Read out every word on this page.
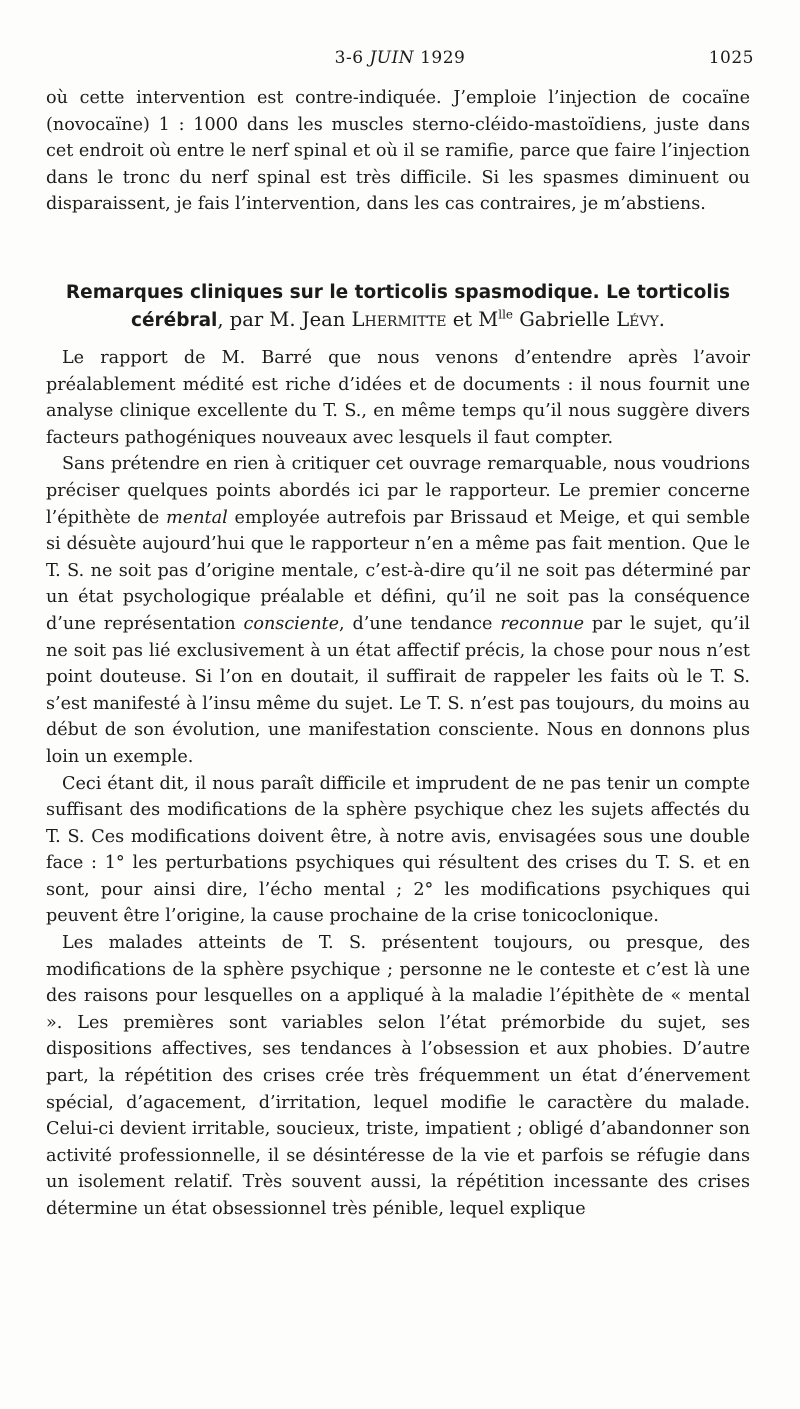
3-6 JUIN 1929	1025

où cette intervention est contre-indiquée. J’emploie l’injection de cocaïne (novocaïne) 1 : 1000 dans les muscles sterno-cléido-mastoïdiens, juste dans cet endroit où entre le nerf spinal et où il se ramifie, parce que faire l’injection dans le tronc du nerf spinal est très difficile. Si les spasmes diminuent ou disparaissent, je fais l’intervention, dans les cas contraires, je m’abstiens.

Remarques cliniques sur le torticolis spasmodique. Le torticolis
cérébral, par M. Jean Lhermitte et $M^{lle}$ Gabrielle Lévy.

Le rapport de M. Barré que nous venons d’entendre après l’avoir préalablement médité est riche d’idées et de documents : il nous fournit une analyse clinique excellente du T. S., en même temps qu’il nous suggère divers facteurs pathogéniques nouveaux avec lesquels il faut compter.

Sans prétendre en rien à critiquer cet ouvrage remarquable, nous voudrions préciser quelques points abordés ici par le rapporteur. Le premier concerne l’épithète de mental employée autrefois par Brissaud et Meige, et qui semble si désuète aujourd’hui que le rapporteur n’en a même pas fait mention. Que le T. S. ne soit pas d’origine mentale, c’est-à-dire qu’il ne soit pas déterminé par un état psychologique préalable et défini, qu’il ne soit pas la conséquence d’une représentation consciente, d’une tendance reconnue par le sujet, qu’il ne soit pas lié exclusivement à un état affectif précis, la chose pour nous n’est point douteuse. Si l’on en doutait, il suffirait de rappeler les faits où le T. S. s’est manifesté à l’insu même du sujet. Le T. S. n’est pas toujours, du moins au début de son évolution, une manifestation consciente. Nous en donnons plus loin un exemple.

Ceci étant dit, il nous paraît difficile et imprudent de ne pas tenir un compte suffisant des modifications de la sphère psychique chez les sujets affectés du T. S. Ces modifications doivent être, à notre avis, envisagées sous une double face : 1° les perturbations psychiques qui résultent des crises du T. S. et en sont, pour ainsi dire, l’écho mental ; 2° les modifications psychiques qui peuvent être l’origine, la cause prochaine de la crise tonicoclonique.

Les malades atteints de T. S. présentent toujours, ou presque, des modifications de la sphère psychique ; personne ne le conteste et c’est là une des raisons pour lesquelles on a appliqué à la maladie l’épithète de « mental ». Les premières sont variables selon l’état prémorbide du sujet, ses dispositions affectives, ses tendances à l’obsession et aux phobies. D’autre part, la répétition des crises crée très fréquemment un état d’énervement spécial, d’agacement, d’irritation, lequel modifie le caractère du malade. Celui-ci devient irritable, soucieux, triste, impatient ; obligé d’abandonner son activité professionnelle, il se désintéresse de la vie et parfois se réfugie dans un isolement relatif. Très souvent aussi, la répétition incessante des crises détermine un état obsessionnel très pénible, lequel explique
